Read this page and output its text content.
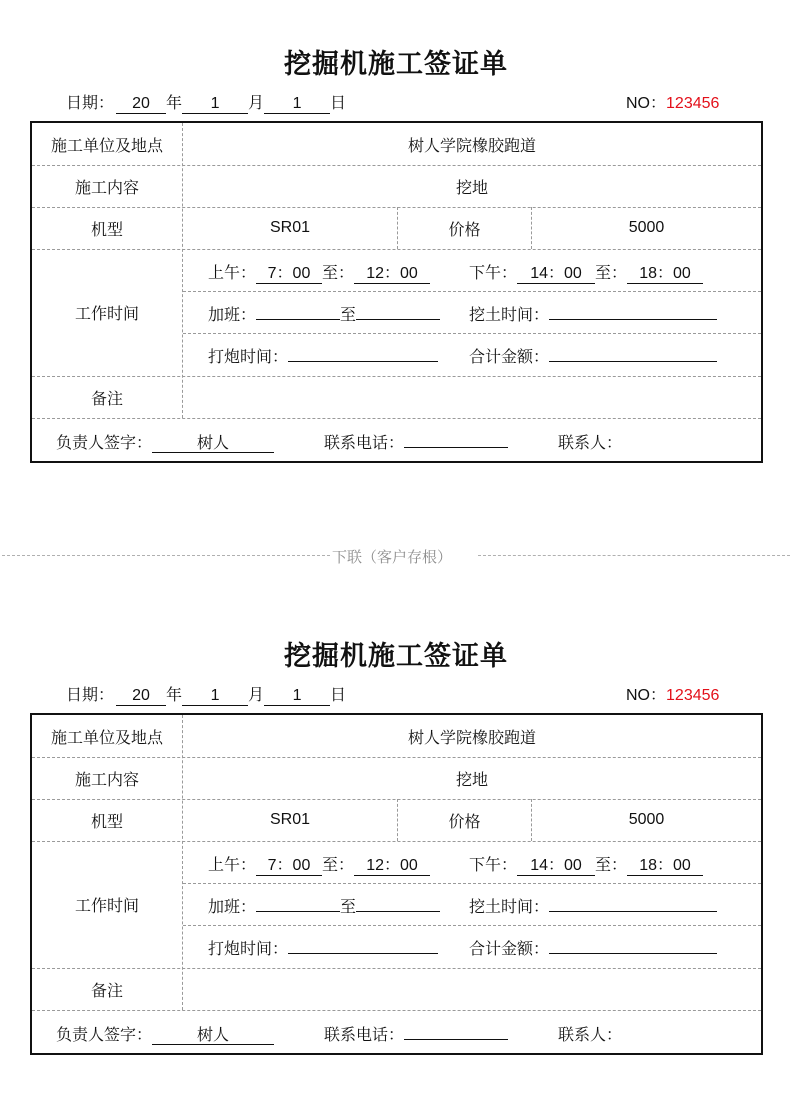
挖掘机施工签证单
日期： 20 年 1 月 1 日	NO：123456
施工单位及地点	树人学院橡胶跑道
施工内容	挖地
机型	SR01	价格	5000
工作时间
上午： 7：00 至： 12：00	下午： 14：00 至： 18：00
加班：	至	挖土时间：
打炮时间：	合计金额：
备注
负责人签字：	树人	联系电话：	联系人：
下联（客户存根）
挖掘机施工签证单
日期： 20 年 1 月 1 日	NO：123456
施工单位及地点	树人学院橡胶跑道
施工内容	挖地
机型	SR01	价格	5000
工作时间
上午： 7：00 至： 12：00	下午： 14：00 至： 18：00
加班：	至	挖土时间：
打炮时间：	合计金额：
备注
负责人签字：	树人	联系电话：	联系人：
